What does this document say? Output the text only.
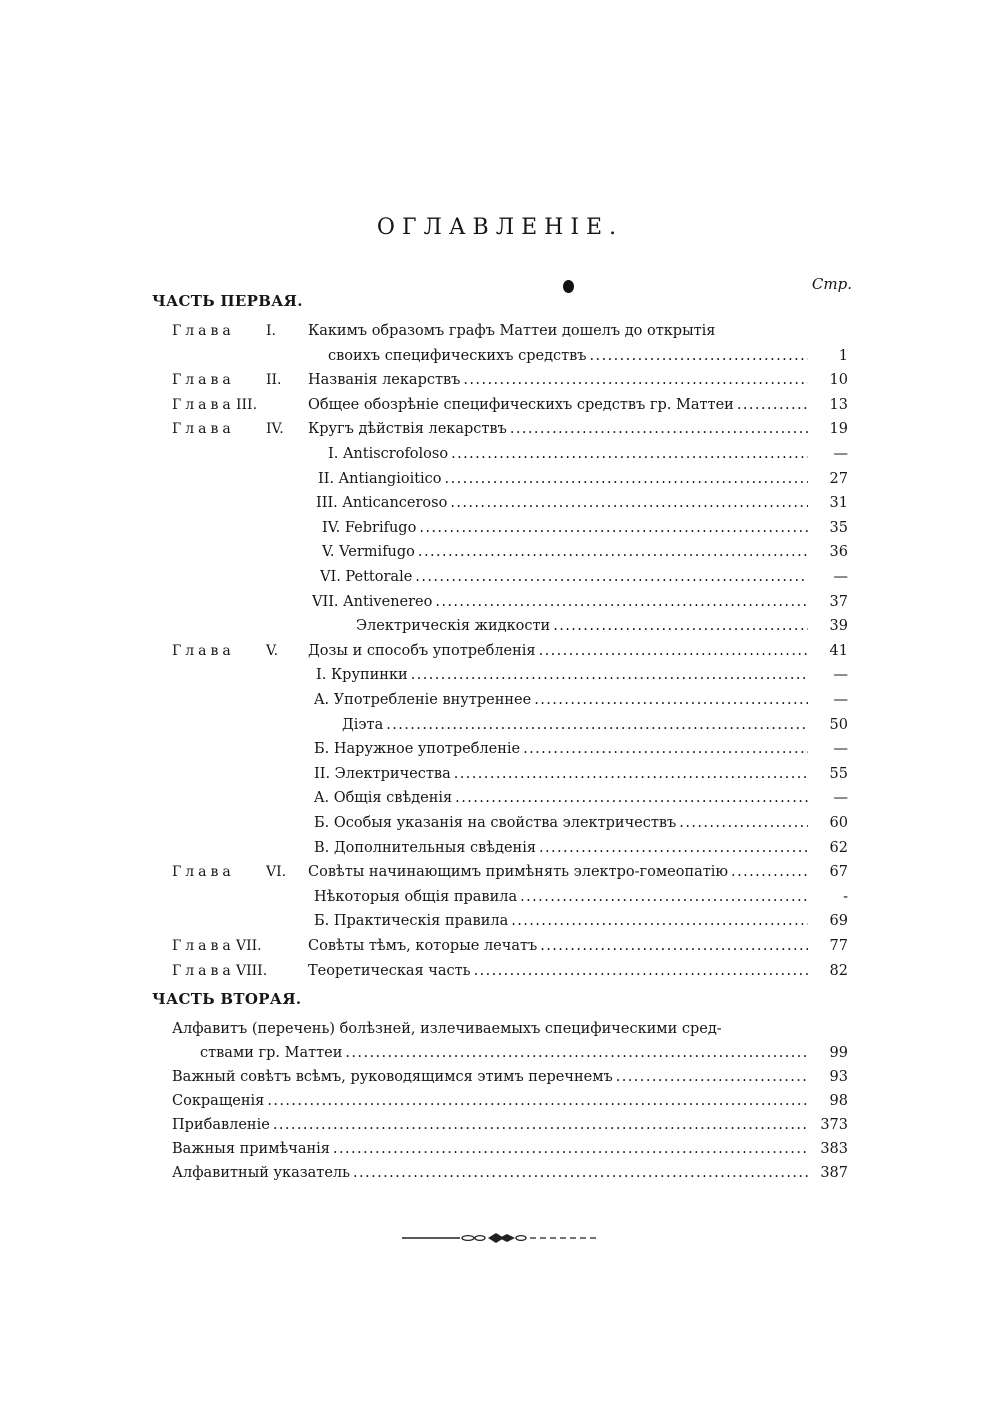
ОГЛАВЛЕНІЕ.
Стр.
ЧАСТЬ ПЕРВАЯ.
Глава I. Какимъ образомъ графъ Маттеи дошелъ до открытія
своихъ специфическихъ средствъ . . .	1
Глава II. Названія лекарствъ . . .	10
Глава III.	Общее обозрѣніе специфическихъ средствъ гр. Маттеи . . .	13
Глава IV. Кругъ дѣйствія лекарствъ . . .	19
I. Antiscrofoloso . . .	—
II. Antiangioitico . . .	27
III. Anticanceroso . . .	31
IV. Febrifugo . . .	35
V. Vermifugo . . .	36
VI. Pettorale . . .	—
VII. Antivenereo . . .	37
Электрическія жидкости . . .	39
Глава V. Дозы и способъ употребленія . . .	41
I. Крупинки . . .	—
A. Употребленіе внутреннее . . .	—
Діэта . . .	50
Б. Наружное употребленіе . . .	—
II. Электричества . . .	55
A. Общія свѣденія . . .	—
Б. Особыя указанія на свойства электричествъ . . .	60
В. Дополнительныя свѣденія . . .	62
Глава VI. Совѣты начинающимъ примѣнять электро-гомеопатію . . .	67
Нѣкоторыя общія правила . . .	-
Б. Практическія правила . . .	69
Глава VII.	Совѣты тѣмъ, которые лечатъ . . .	77
Глава VIII.	Теоретическая часть . . .	82
ЧАСТЬ ВТОРАЯ.
Алфавитъ (перечень) болѣзней, излечиваемыхъ специфическими сред-
ствами гр. Маттеи . . .	99
Важный совѣтъ всѣмъ, руководящимся этимъ перечнемъ . . .	93
Сокращенія . . .	98
Прибавленіе . . .	373
Важныя примѣчанія . . .	383
Алфавитный указатель . . .	387
